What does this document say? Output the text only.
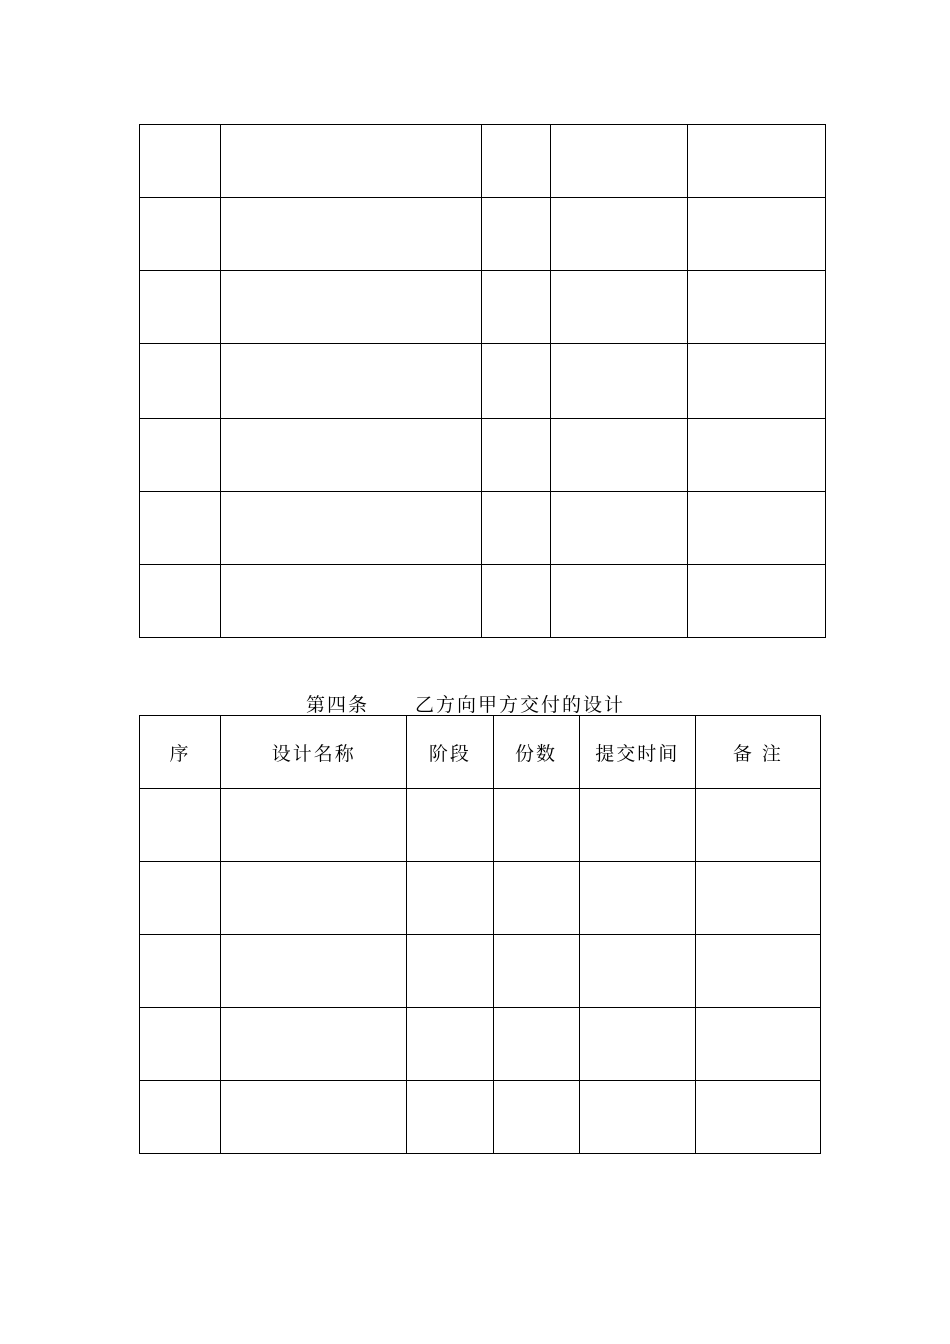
第四条 乙方向甲方交付的设计
序	设计名称	阶段	份数	提交时间	备 注
